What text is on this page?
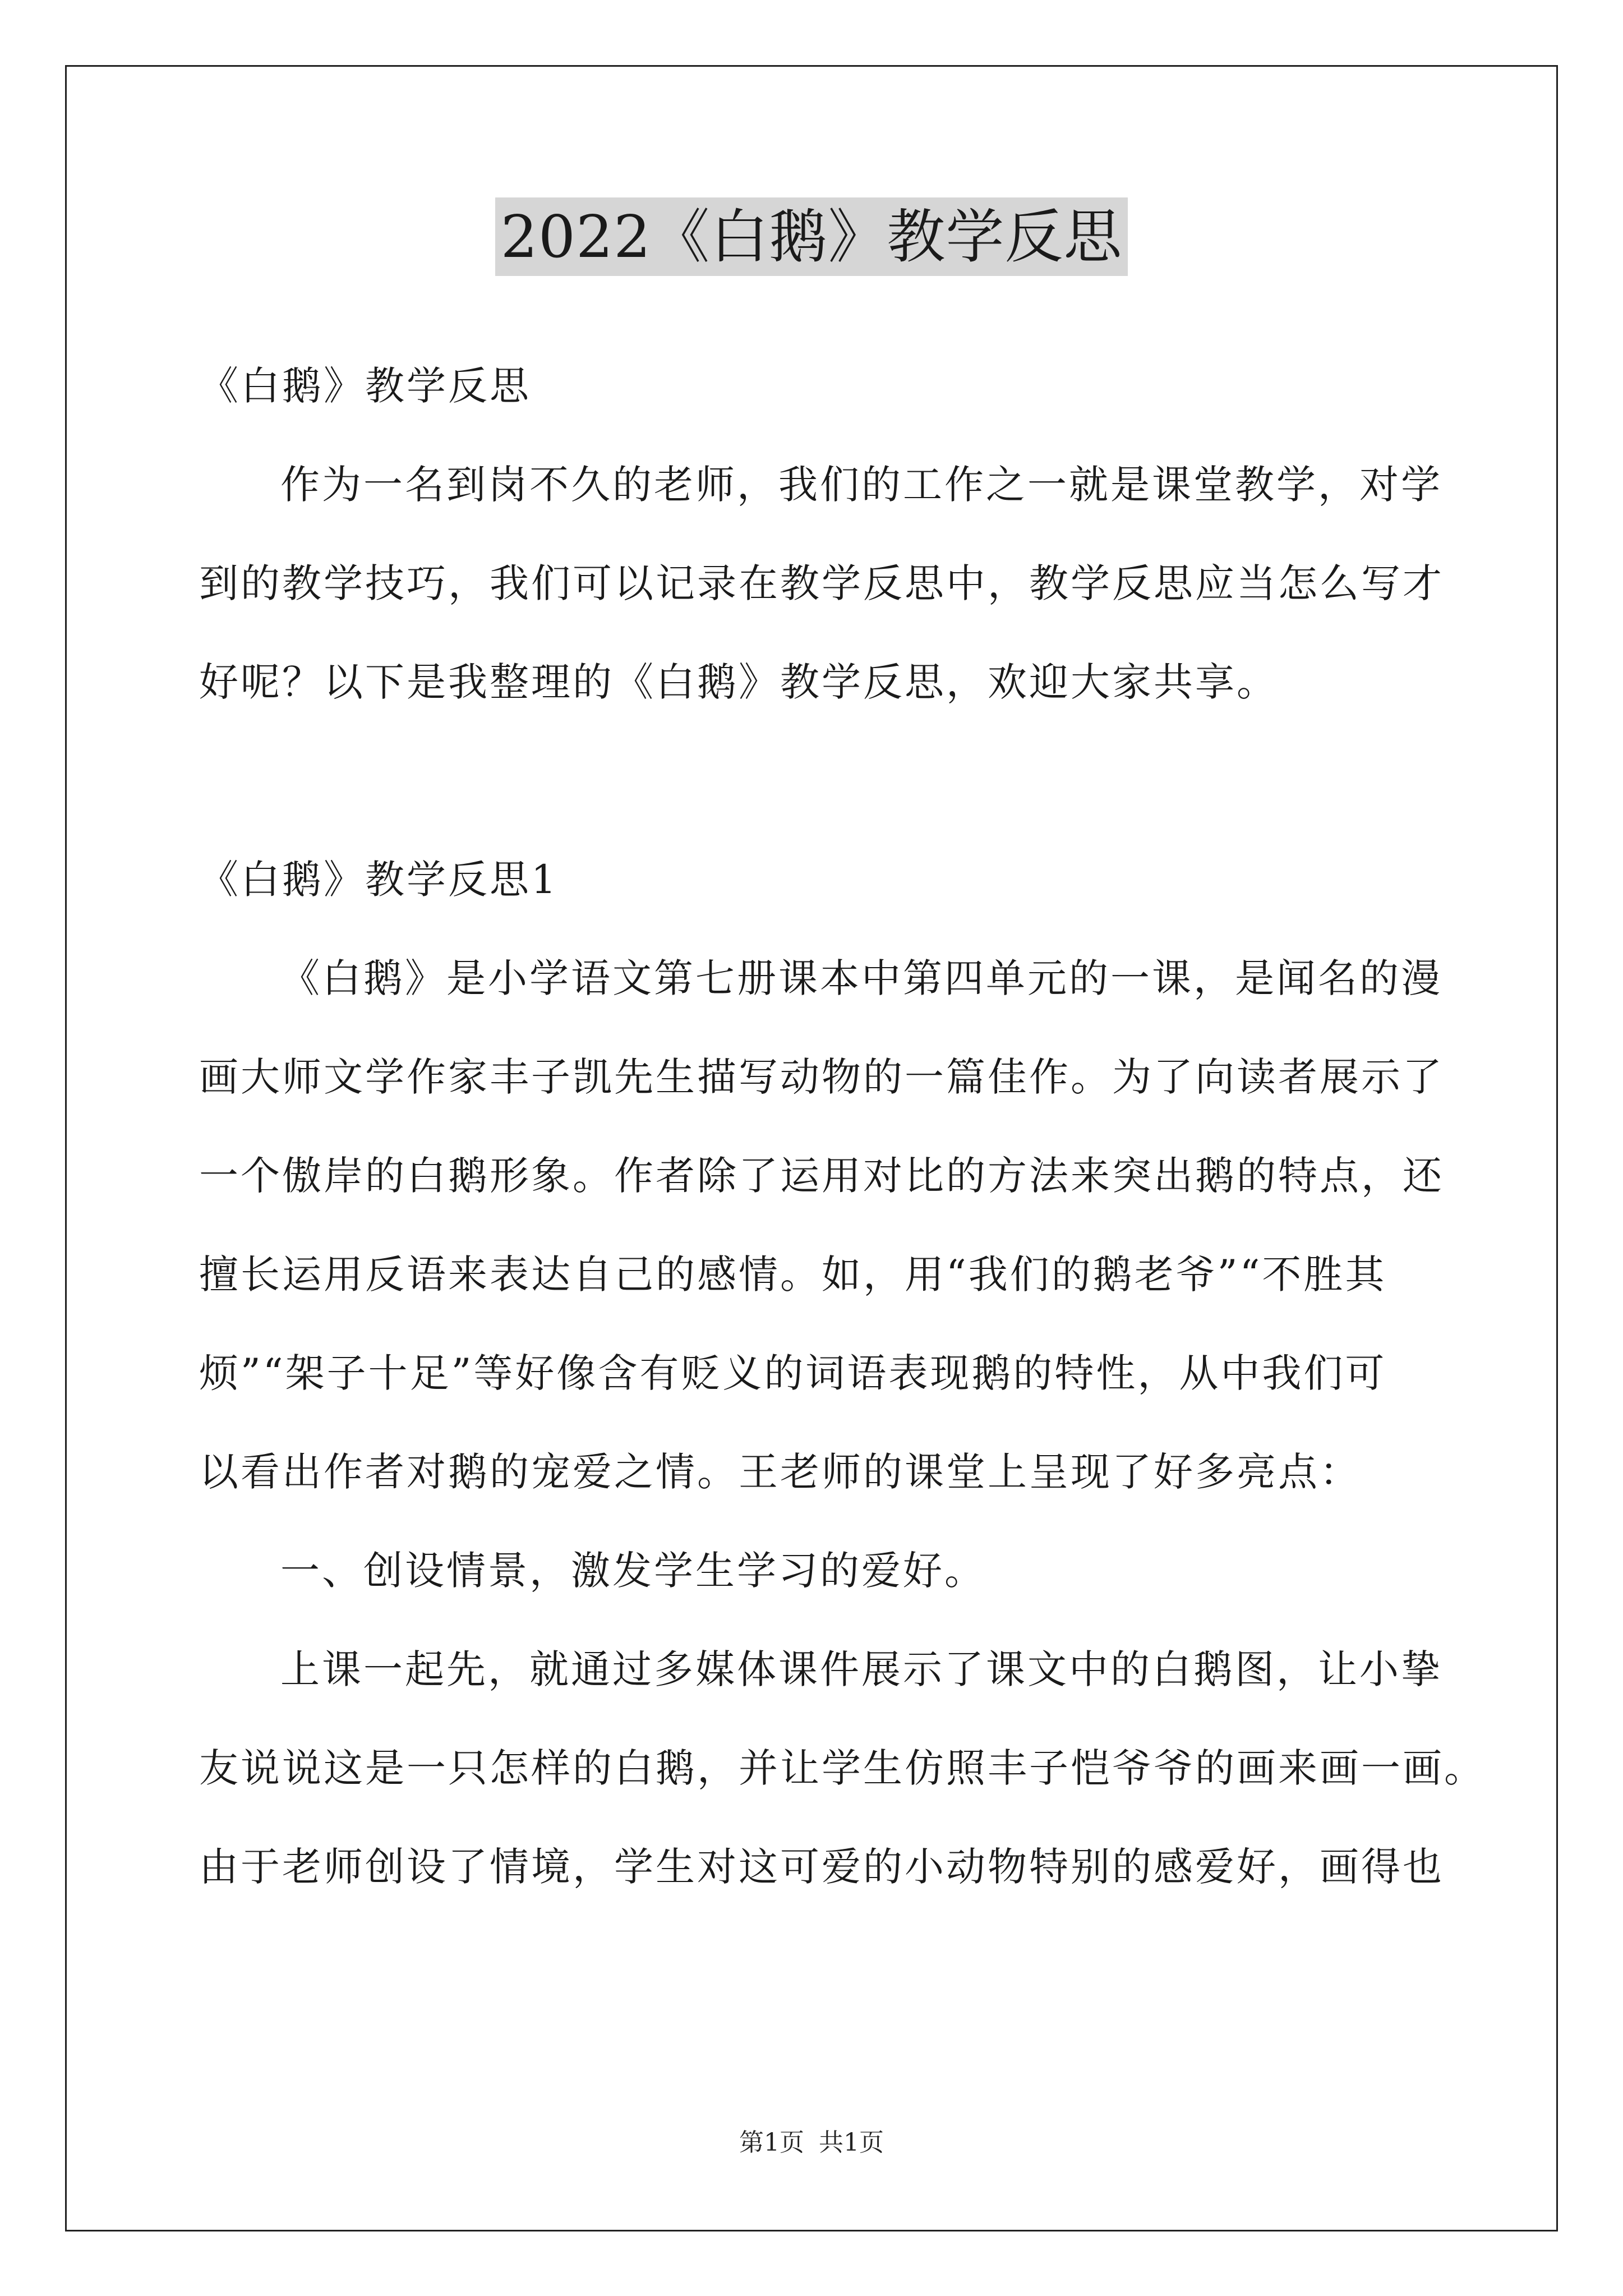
2022《白鹅》教学反思
《白鹅》教学反思
作为一名到岗不久的老师，我们的工作之一就是课堂教学，对学
到的教学技巧，我们可以记录在教学反思中，教学反思应当怎么写才
好呢？以下是我整理的《白鹅》教学反思，欢迎大家共享。
《白鹅》教学反思1
《白鹅》是小学语文第七册课本中第四单元的一课，是闻名的漫
画大师文学作家丰子凯先生描写动物的一篇佳作。为了向读者展示了
一个傲岸的白鹅形象。作者除了运用对比的方法来突出鹅的特点，还
擅长运用反语来表达自己的感情。如，用“我们的鹅老爷”“不胜其
烦”“架子十足”等好像含有贬义的词语表现鹅的特性，从中我们可
以看出作者对鹅的宠爱之情。王老师的课堂上呈现了好多亮点：
一、创设情景，激发学生学习的爱好。
上课一起先，就通过多媒体课件展示了课文中的白鹅图，让小挚
友说说这是一只怎样的白鹅，并让学生仿照丰子恺爷爷的画来画一画。
由于老师创设了情境，学生对这可爱的小动物特别的感爱好，画得也
第1页 共1页
